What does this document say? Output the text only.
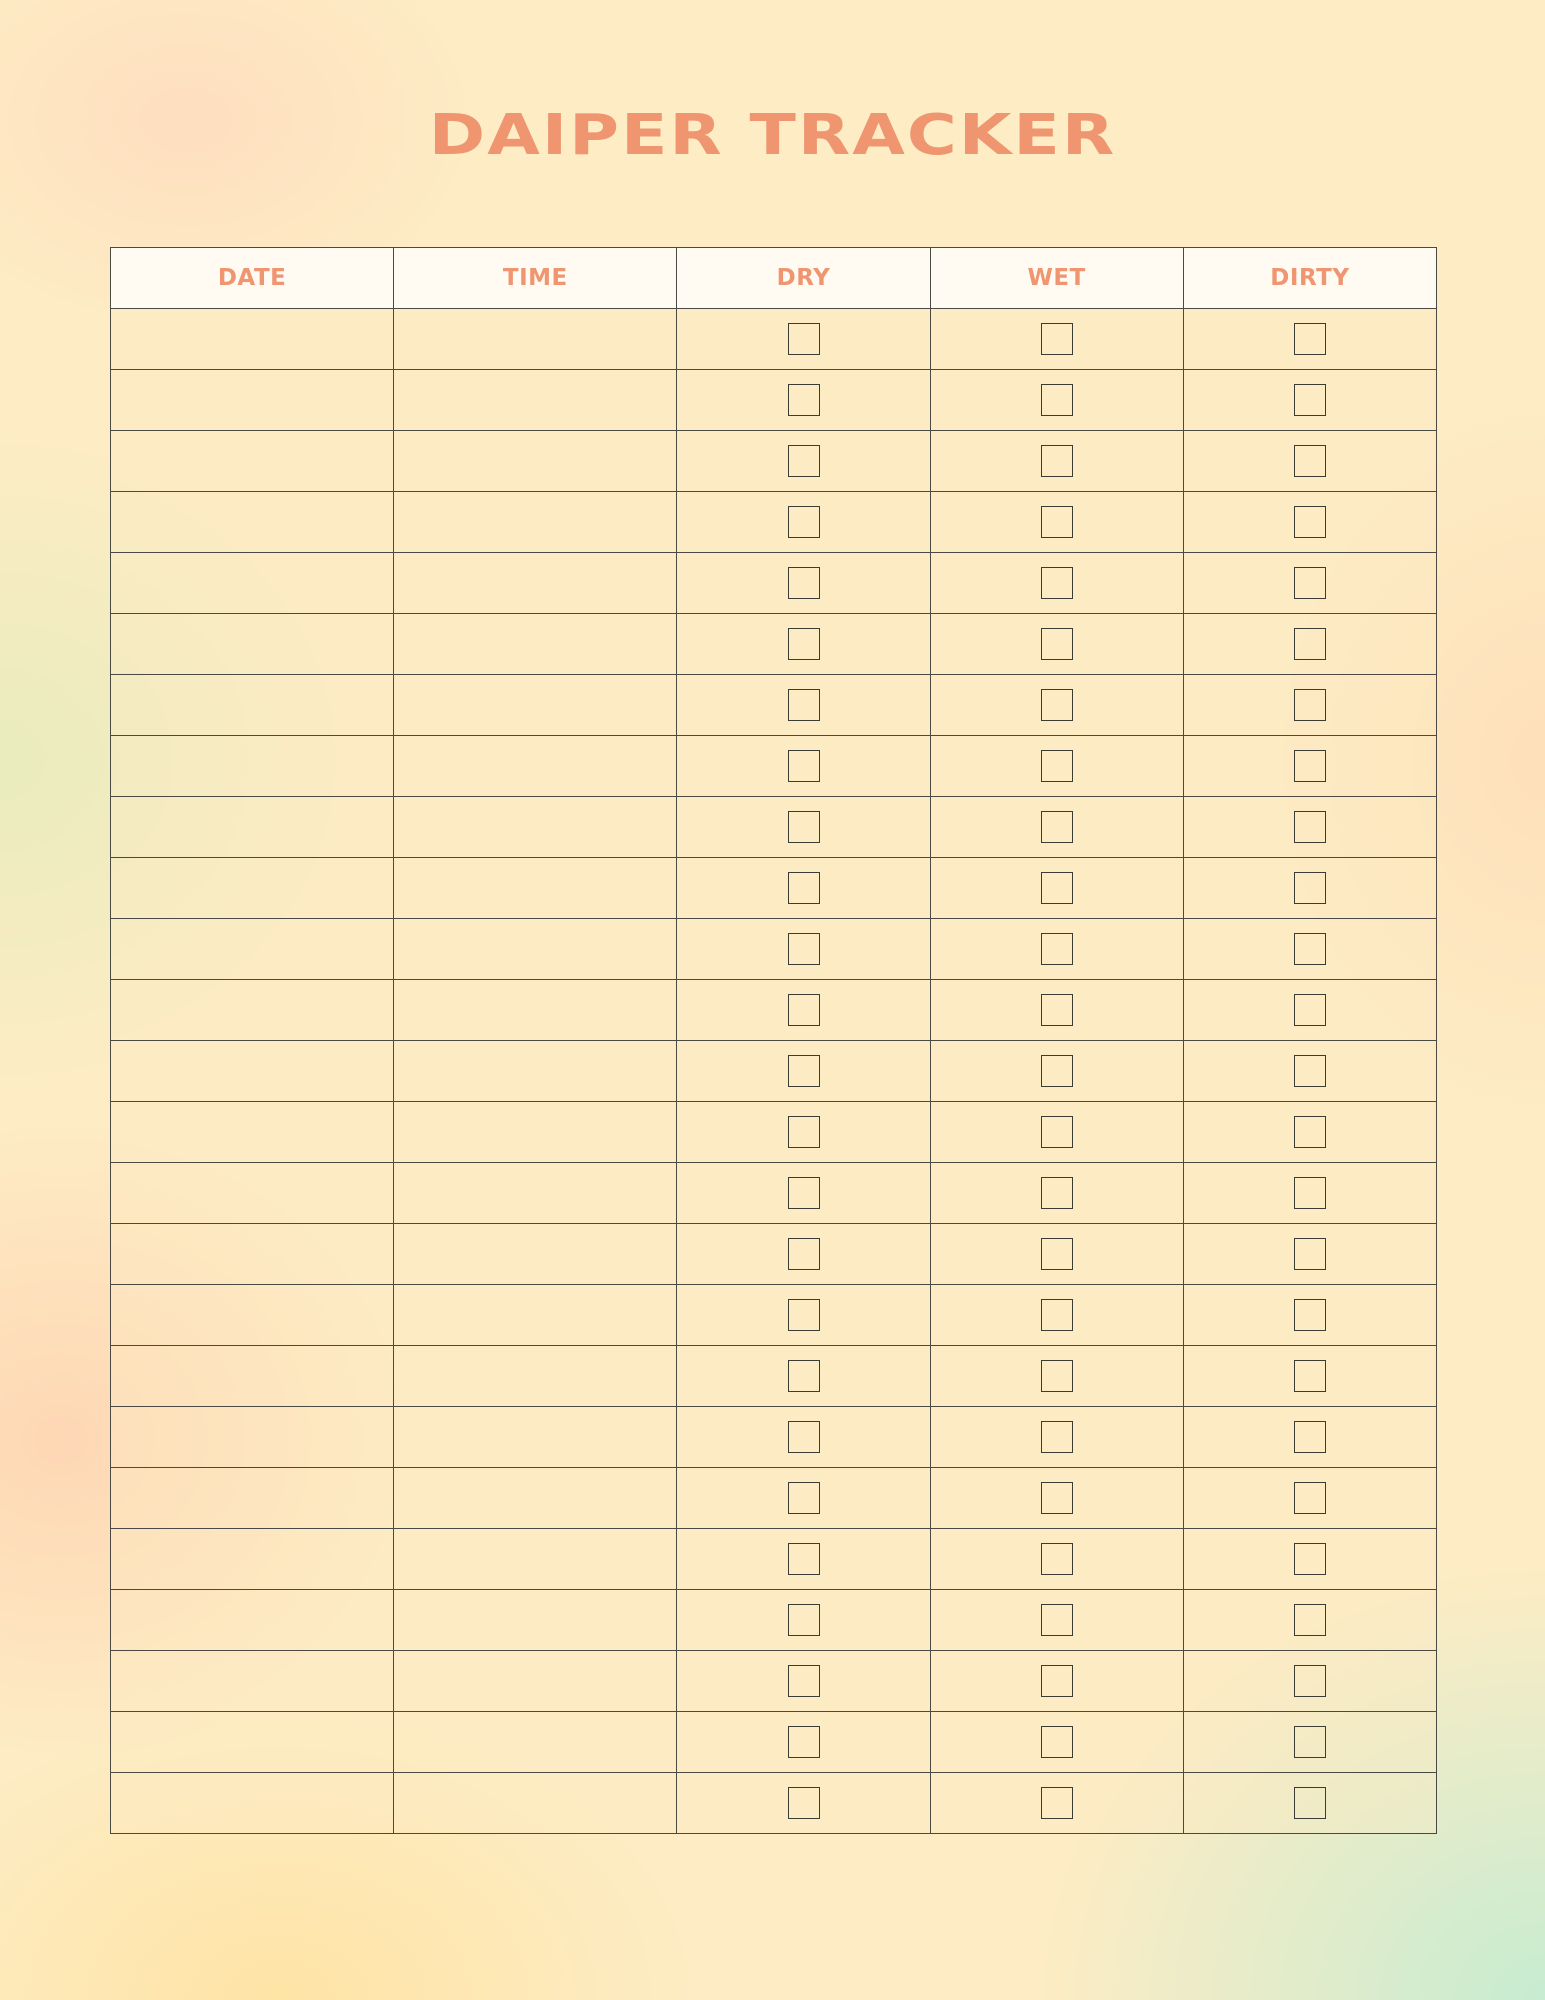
DAIPER TRACKER
DATE	TIME	DRY	WET	DIRTY
